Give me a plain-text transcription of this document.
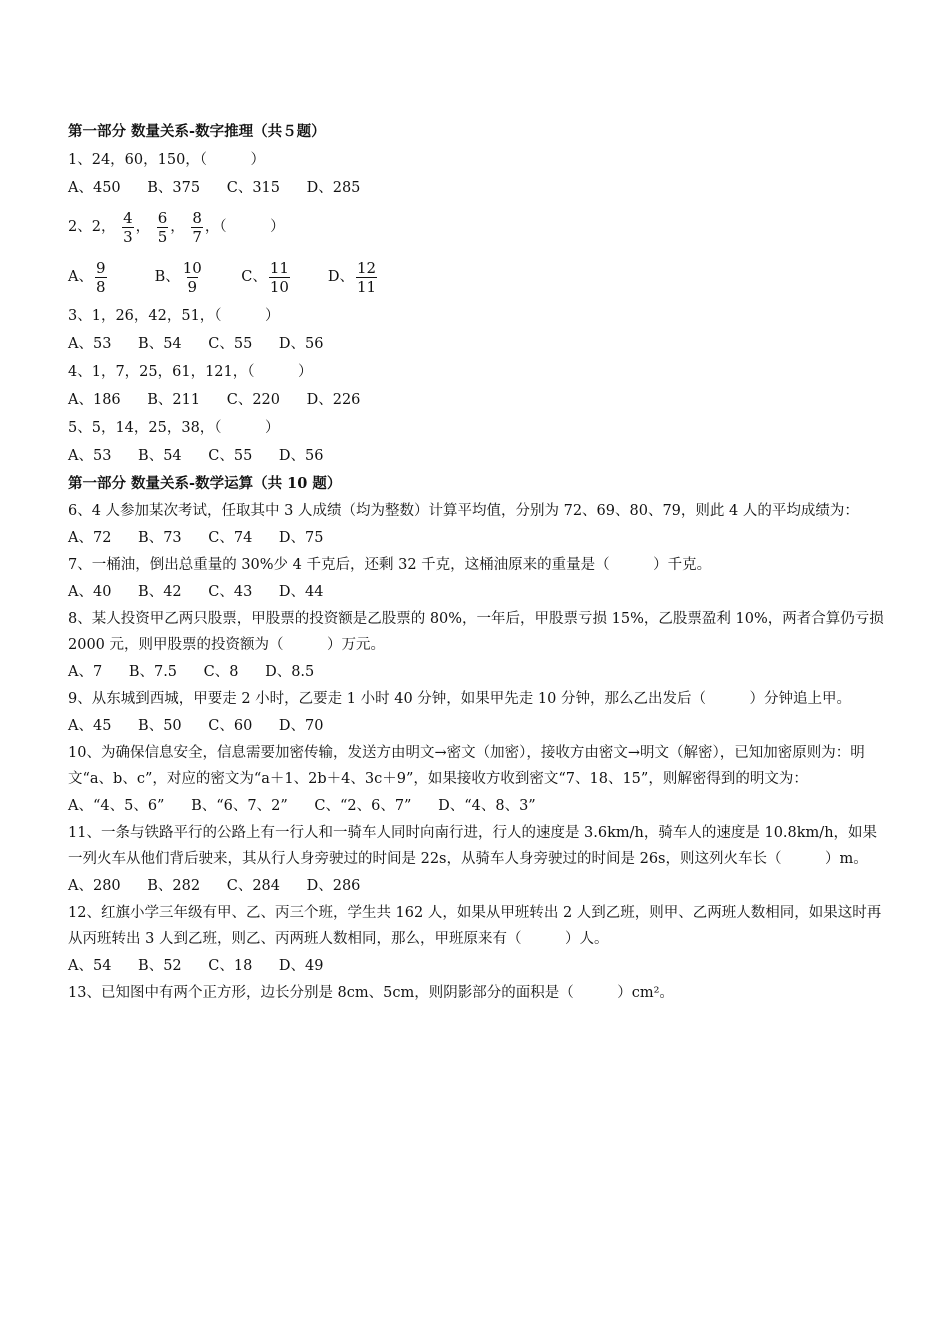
第一部分 数量关系-数字推理（共５题）

1、24，60，150，（　　　）

A、450 B、375 C、315 D、285

2、2， $\frac{4}{3}$ ， $\frac{6}{5}$ ， $\frac{8}{7}$ ，（　　　）

A、 $\frac{9}{8}$	B、 $\frac{10}{9}$	C、 $\frac{11}{10}$	D、 $\frac{12}{11}$

3、1，26，42，51，（　　　）

A、53 B、54 C、55 D、56

4、1，7，25，61，121，（　　　）

A、186 B、211 C、220 D、226

5、5，14，25，38，（　　　）

A、53 B、54 C、55 D、56

第一部分 数量关系-数学运算（共 10 题）

6、4 人参加某次考试，任取其中 3 人成绩（均为整数）计算平均值，分别为 72、69、80、79，则此 4 人的平均成绩为：

A、72 B、73 C、74 D、75

7、一桶油，倒出总重量的 30%少 4 千克后，还剩 32 千克，这桶油原来的重量是（　　　）千克。

A、40 B、42 C、43 D、44

8、某人投资甲乙两只股票，甲股票的投资额是乙股票的 80%，一年后，甲股票亏损 15%，乙股票盈利 10%，两者合算仍亏损 2000 元，则甲股票的投资额为（　　　）万元。

A、7 B、7.5 C、8 D、8.5

9、从东城到西城，甲要走 2 小时，乙要走 1 小时 40 分钟，如果甲先走 10 分钟，那么乙出发后（　　　）分钟追上甲。

A、45 B、50 C、60 D、70

10、为确保信息安全，信息需要加密传输，发送方由明文→密文（加密），接收方由密文→明文（解密），已知加密原则为：明文“a、b、c”，对应的密文为“a＋1、2b＋4、3c＋9”，如果接收方收到密文“7、18、15”，则解密得到的明文为：

A、“4、5、6” B、“6、7、2” C、“2、6、7” D、“4、8、3”

11、一条与铁路平行的公路上有一行人和一骑车人同时向南行进，行人的速度是 3.6km/h，骑车人的速度是 10.8km/h，如果一列火车从他们背后驶来，其从行人身旁驶过的时间是 22s，从骑车人身旁驶过的时间是 26s，则这列火车长（　　　）m。

A、280 B、282 C、284 D、286

12、红旗小学三年级有甲、乙、丙三个班，学生共 162 人，如果从甲班转出 2 人到乙班，则甲、乙两班人数相同，如果这时再从丙班转出 3 人到乙班，则乙、丙两班人数相同，那么，甲班原来有（　　　）人。

A、54 B、52 C、18 D、49

13、已知图中有两个正方形，边长分别是 8cm、5cm，则阴影部分的面积是（　　　）cm²。
